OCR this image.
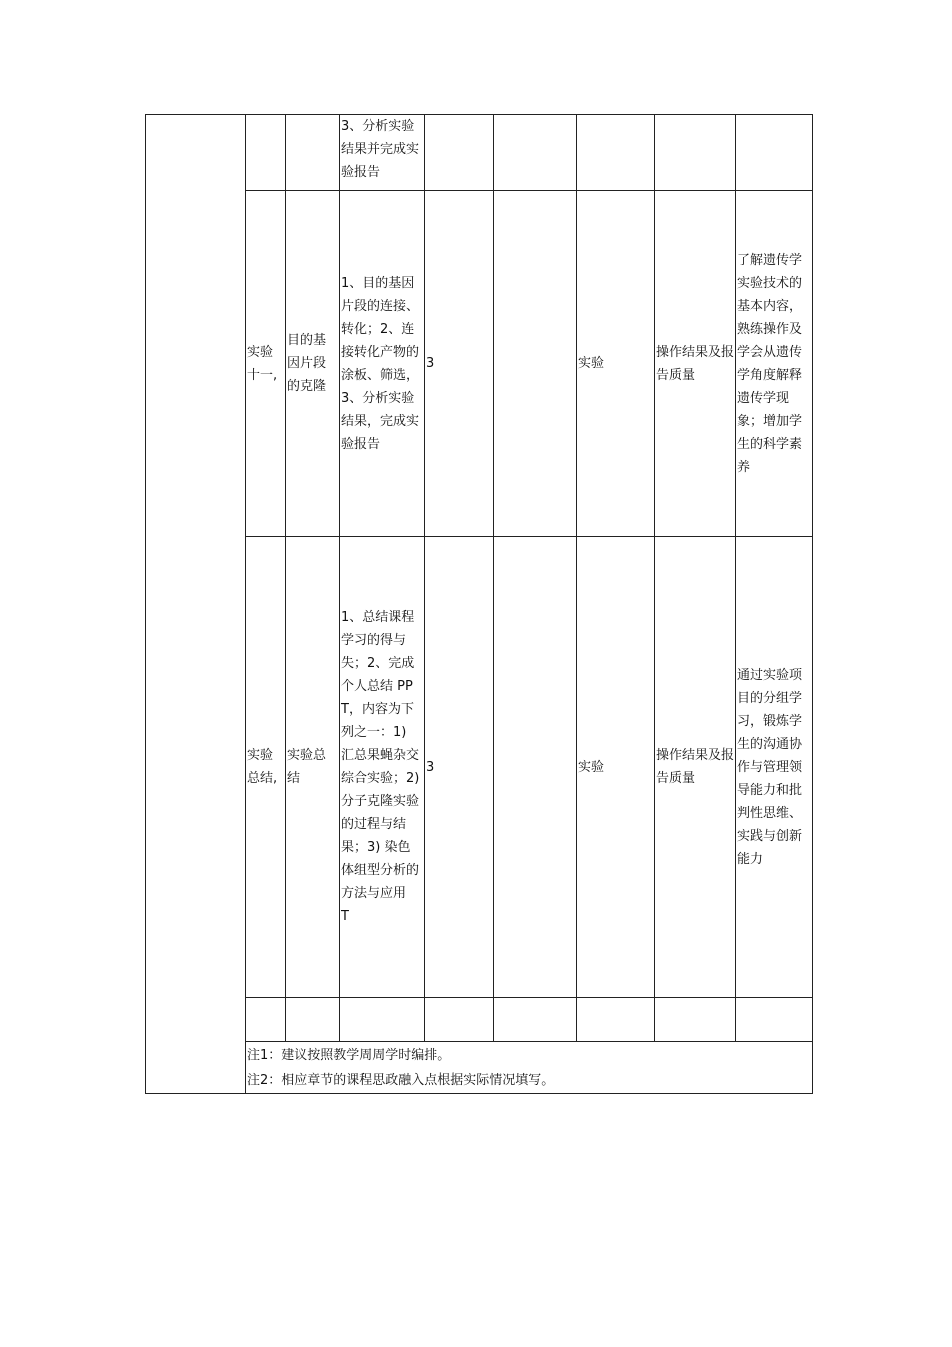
			3、分析实验结果并完成实验报告						
	实验十一,	目的基因片段的克隆	1、目的基因片段的连接、转化；2、连接转化产物的涂板、筛选，
3、分析实验结果，完成实验报告	3		实验	操作结果及报告质量	了解遗传学实验技术的基本内容，熟练操作及学会从遗传学角度解释遗传学现象；增加学生的科学素养	
	实验总结,	实验总结	1、总结课程学习的得与失；2、完成个人总结 PPT，内容为下列之一：1) 汇总果蝇杂交综合实验；2) 分子克隆实验的过程与结果；3) 染色体组型分析的方法与应用
T	3		实验	操作结果及报告质量	通过实验项目的分组学习，锻炼学生的沟通协作与管理领导能力和批判性思维、实践与创新能力	

	注1：建议按照教学周周学时编排。
注2：相应章节的课程思政融入点根据实际情况填写。								
